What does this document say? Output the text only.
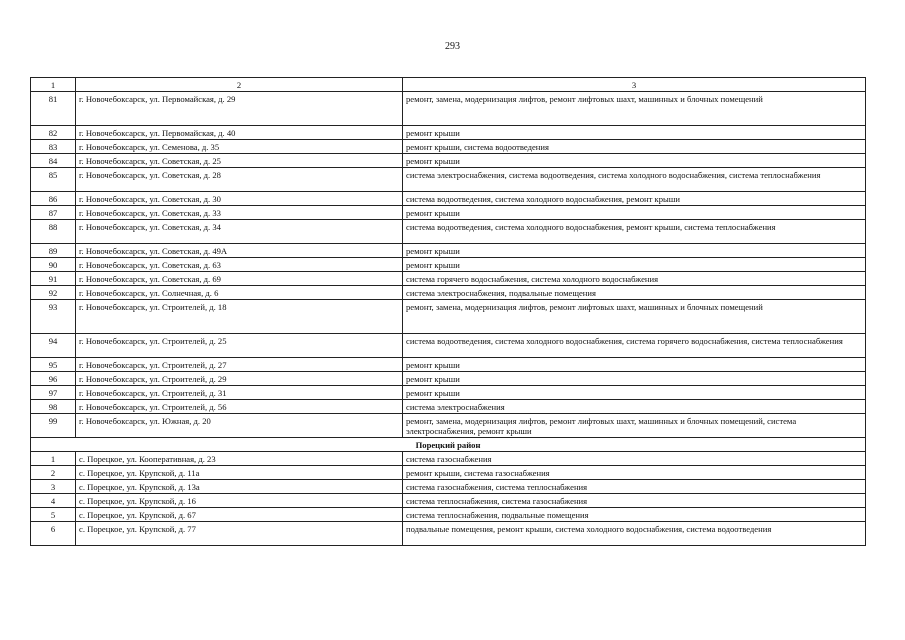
293
1	2	3
81	г. Новочебоксарск, ул. Первомайская, д. 29	ремонт, замена, модернизация лифтов, ремонт лифтовых шахт, машинных и блочных помещений
82	г. Новочебоксарск, ул. Первомайская, д. 40	ремонт крыши
83	г. Новочебоксарск, ул. Семенова, д. 35	ремонт крыши, система водоотведения
84	г. Новочебоксарск, ул. Советская, д. 25	ремонт крыши
85	г. Новочебоксарск, ул. Советская, д. 28	система электроснабжения, система водоотведения, система холодного водоснабжения, система теплоснабжения
86	г. Новочебоксарск, ул. Советская, д. 30	система водоотведения, система холодного водоснабжения, ремонт крыши
87	г. Новочебоксарск, ул. Советская, д. 33	ремонт крыши
88	г. Новочебоксарск, ул. Советская, д. 34	система водоотведения, система холодного водоснабжения, ремонт крыши, система теплоснабжения
89	г. Новочебоксарск, ул. Советская, д. 49А	ремонт крыши
90	г. Новочебоксарск, ул. Советская, д. 63	ремонт крыши
91	г. Новочебоксарск, ул. Советская, д. 69	система горячего водоснабжения, система холодного водоснабжения
92	г. Новочебоксарск, ул. Солнечная, д. 6	система электроснабжения, подвальные помещения
93	г. Новочебоксарск, ул. Строителей, д. 18	ремонт, замена, модернизация лифтов, ремонт лифтовых шахт, машинных и блочных помещений
94	г. Новочебоксарск, ул. Строителей, д. 25	система водоотведения, система холодного водоснабжения, система горячего водоснабжения, система теплоснабжения
95	г. Новочебоксарск, ул. Строителей, д. 27	ремонт крыши
96	г. Новочебоксарск, ул. Строителей, д. 29	ремонт крыши
97	г. Новочебоксарск, ул. Строителей, д. 31	ремонт крыши
98	г. Новочебоксарск, ул. Строителей, д. 56	система электроснабжения
99	г. Новочебоксарск, ул. Южная, д. 20	ремонт, замена, модернизация лифтов, ремонт лифтовых шахт, машинных и блочных помещений, система электроснабжения, ремонт крыши
Порецкий район		
1	с. Порецкое, ул. Кооперативная, д. 23	система газоснабжения
2	с. Порецкое, ул. Крупской, д. 11а	ремонт крыши, система газоснабжения
3	с. Порецкое, ул. Крупской, д. 13а	система газоснабжения, система теплоснабжения
4	с. Порецкое, ул. Крупской, д. 16	система теплоснабжения, система газоснабжения
5	с. Порецкое, ул. Крупской, д. 67	система теплоснабжения, подвальные помещения
6	с. Порецкое, ул. Крупской, д. 77	подвальные помещения, ремонт крыши, система холодного водоснабжения, система водоотведения
